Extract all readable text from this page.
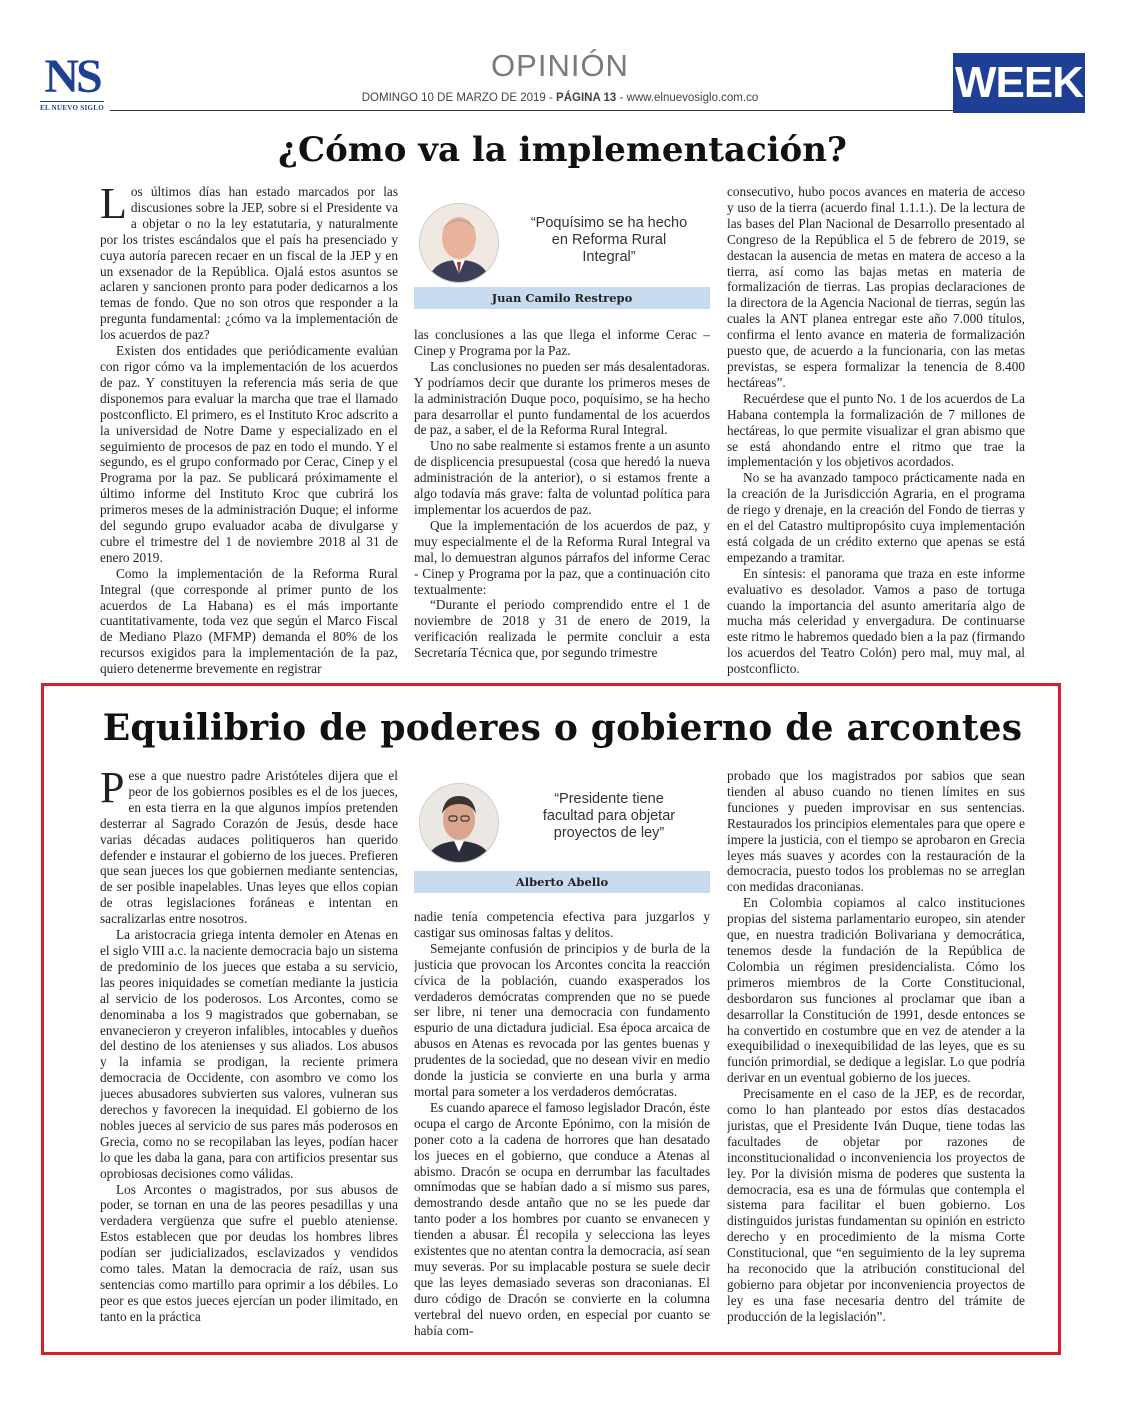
NS
EL NUEVO SIGLO
OPINIÓN
DOMINGO 10 DE MARZO DE 2019 - PÁGINA 13 - www.elnuevosiglo.com.co	WEEK
¿Cómo va la implementación?

Los últimos días han estado marcados por las discusiones sobre la JEP, sobre si el Presidente va a objetar o no la ley estatutaria, y naturalmente por los tristes escándalos que el país ha presenciado y cuya autoría parecen recaer en un fiscal de la JEP y en un exsenador de la República. Ojalá estos asuntos se aclaren y sancionen pronto para poder dedicarnos a los temas de fondo. Que no son otros que responder a la pregunta fundamental: ¿cómo va la implementación de los acuerdos de paz?

Existen dos entidades que periódicamente evalúan con rigor cómo va la implementación de los acuerdos de paz. Y constituyen la referencia más seria de que disponemos para evaluar la marcha que trae el llamado postconflicto. El primero, es el Instituto Kroc adscrito a la universidad de Notre Dame y especializado en el seguimiento de procesos de paz en todo el mundo. Y el segundo, es el grupo conformado por Cerac, Cinep y el Programa por la paz. Se publicará próximamente el último informe del Instituto Kroc que cubrirá los primeros meses de la administración Duque; el informe del segundo grupo evaluador acaba de divulgarse y cubre el trimestre del 1 de noviembre 2018 al 31 de enero 2019.

Como la implementación de la Reforma Rural Integral (que corresponde al primer punto de los acuerdos de La Habana) es el más importante cuantitativamente, toda vez que según el Marco Fiscal de Mediano Plazo (MFMP) demanda el 80% de los recursos exigidos para la implementación de la paz, quiero detenerme brevemente en registrar

“Poquísimo se ha hecho en Reforma Rural Integral”
Juan Camilo Restrepo

las conclusiones a las que llega el informe Cerac – Cinep y Programa por la Paz.

Las conclusiones no pueden ser más desalentadoras. Y podríamos decir que durante los primeros meses de la administración Duque poco, poquísimo, se ha hecho para desarrollar el punto fundamental de los acuerdos de paz, a saber, el de la Reforma Rural Integral.

Uno no sabe realmente si estamos frente a un asunto de displicencia presupuestal (cosa que heredó la nueva administración de la anterior), o si estamos frente a algo todavía más grave: falta de voluntad política para implementar los acuerdos de paz.

Que la implementación de los acuerdos de paz, y muy especialmente el de la Reforma Rural Integral va mal, lo demuestran algunos párrafos del informe Cerac - Cinep y Programa por la paz, que a continuación cito textualmente:

“Durante el periodo comprendido entre el 1 de noviembre de 2018 y 31 de enero de 2019, la verificación realizada le permite concluir a esta Secretaría Técnica que, por segundo trimestre

consecutivo, hubo pocos avances en materia de acceso y uso de la tierra (acuerdo final 1.1.1.). De la lectura de las bases del Plan Nacional de Desarrollo presentado al Congreso de la República el 5 de febrero de 2019, se destacan la ausencia de metas en matera de acceso a la tierra, así como las bajas metas en materia de formalización de tierras. Las propias declaraciones de la directora de la Agencia Nacional de tierras, según las cuales la ANT planea entregar este año 7.000 títulos, confirma el lento avance en materia de formalización puesto que, de acuerdo a la funcionaria, con las metas previstas, se espera formalizar la tenencia de 8.400 hectáreas”.

Recuérdese que el punto No. 1 de los acuerdos de La Habana contempla la formalización de 7 millones de hectáreas, lo que permite visualizar el gran abismo que se está ahondando entre el ritmo que trae la implementación y los objetivos acordados.

No se ha avanzado tampoco prácticamente nada en la creación de la Jurisdicción Agraria, en el programa de riego y drenaje, en la creación del Fondo de tierras y en el del Catastro multipropósito cuya implementación está colgada de un crédito externo que apenas se está empezando a tramitar.

En síntesis: el panorama que traza en este informe evaluativo es desolador. Vamos a paso de tortuga cuando la importancia del asunto ameritaría algo de mucha más celeridad y envergadura. De continuarse este ritmo le habremos quedado bien a la paz (firmando los acuerdos del Teatro Colón) pero mal, muy mal, al postconflicto.

Equilibrio de poderes o gobierno de arcontes

Pese a que nuestro padre Aristóteles dijera que el peor de los gobiernos posibles es el de los jueces, en esta tierra en la que algunos impíos pretenden desterrar al Sagrado Corazón de Jesús, desde hace varias décadas audaces politiqueros han querido defender e instaurar el gobierno de los jueces. Prefieren que sean jueces los que gobiernen mediante sentencias, de ser posible inapelables. Unas leyes que ellos copian de otras legislaciones foráneas e intentan en sacralizarlas entre nosotros.

La aristocracia griega intenta demoler en Atenas en el siglo VIII a.c. la naciente democracia bajo un sistema de predominio de los jueces que estaba a su servicio, las peores iniquidades se cometían mediante la justicia al servicio de los poderosos. Los Arcontes, como se denominaba a los 9 magistrados que gobernaban, se envanecieron y creyeron infalibles, intocables y dueños del destino de los atenienses y sus aliados. Los abusos y la infamia se prodigan, la reciente primera democracia de Occidente, con asombro ve como los jueces abusadores subvierten sus valores, vulneran sus derechos y favorecen la inequidad. El gobierno de los nobles jueces al servicio de sus pares más poderosos en Grecia, como no se recopilaban las leyes, podían hacer lo que les daba la gana, para con artificios presentar sus oprobiosas decisiones como válidas.

Los Arcontes o magistrados, por sus abusos de poder, se tornan en una de las peores pesadillas y una verdadera vergüenza que sufre el pueblo ateniense. Estos establecen que por deudas los hombres libres podían ser judicializados, esclavizados y vendidos como tales. Matan la democracia de raíz, usan sus sentencias como martillo para oprimir a los débiles. Lo peor es que estos jueces ejercían un poder ilimitado, en tanto en la práctica

“Presidente tiene facultad para objetar proyectos de ley”
Alberto Abello

nadie tenía competencia efectiva para juzgarlos y castigar sus ominosas faltas y delitos.

Semejante confusión de principios y de burla de la justicia que provocan los Arcontes concita la reacción cívica de la población, cuando exasperados los verdaderos demócratas comprenden que no se puede ser libre, ni tener una democracia con fundamento espurio de una dictadura judicial. Esa época arcaica de abusos en Atenas es revocada por las gentes buenas y prudentes de la sociedad, que no desean vivir en medio donde la justicia se convierte en una burla y arma mortal para someter a los verdaderos demócratas.

Es cuando aparece el famoso legislador Dracón, éste ocupa el cargo de Arconte Epónimo, con la misión de poner coto a la cadena de horrores que han desatado los jueces en el gobierno, que conduce a Atenas al abismo. Dracón se ocupa en derrumbar las facultades omnímodas que se habían dado a sí mismo sus pares, demostrando desde antaño que no se les puede dar tanto poder a los hombres por cuanto se envanecen y tienden a abusar. Él recopila y selecciona las leyes existentes que no atentan contra la democracia, así sean muy severas. Por su implacable postura se suele decir que las leyes demasiado severas son draconianas. El duro código de Dracón se convierte en la columna vertebral del nuevo orden, en especial por cuanto se había com-

probado que los magistrados por sabios que sean tienden al abuso cuando no tienen límites en sus funciones y pueden improvisar en sus sentencias. Restaurados los principios elementales para que opere e impere la justicia, con el tiempo se aprobaron en Grecia leyes más suaves y acordes con la restauración de la democracia, puesto todos los problemas no se arreglan con medidas draconianas.

En Colombia copiamos al calco instituciones propias del sistema parlamentario europeo, sin atender que, en nuestra tradición Bolivariana y democrática, tenemos desde la fundación de la República de Colombia un régimen presidencialista. Cómo los primeros miembros de la Corte Constitucional, desbordaron sus funciones al proclamar que iban a desarrollar la Constitución de 1991, desde entonces se ha convertido en costumbre que en vez de atender a la exequibilidad o inexequibilidad de las leyes, que es su función primordial, se dedique a legislar. Lo que podría derivar en un eventual gobierno de los jueces.

Precisamente en el caso de la JEP, es de recordar, como lo han planteado por estos días destacados juristas, que el Presidente Iván Duque, tiene todas las facultades de objetar por razones de inconstitucionalidad o inconveniencia los proyectos de ley. Por la división misma de poderes que sustenta la democracia, esa es una de fórmulas que contempla el sistema para facilitar el buen gobierno. Los distinguidos juristas fundamentan su opinión en estricto derecho y en procedimiento de la misma Corte Constitucional, que “en seguimiento de la ley suprema ha reconocido que la atribución constitucional del gobierno para objetar por inconveniencia proyectos de ley es una fase necesaria dentro del trámite de producción de la legislación”.
